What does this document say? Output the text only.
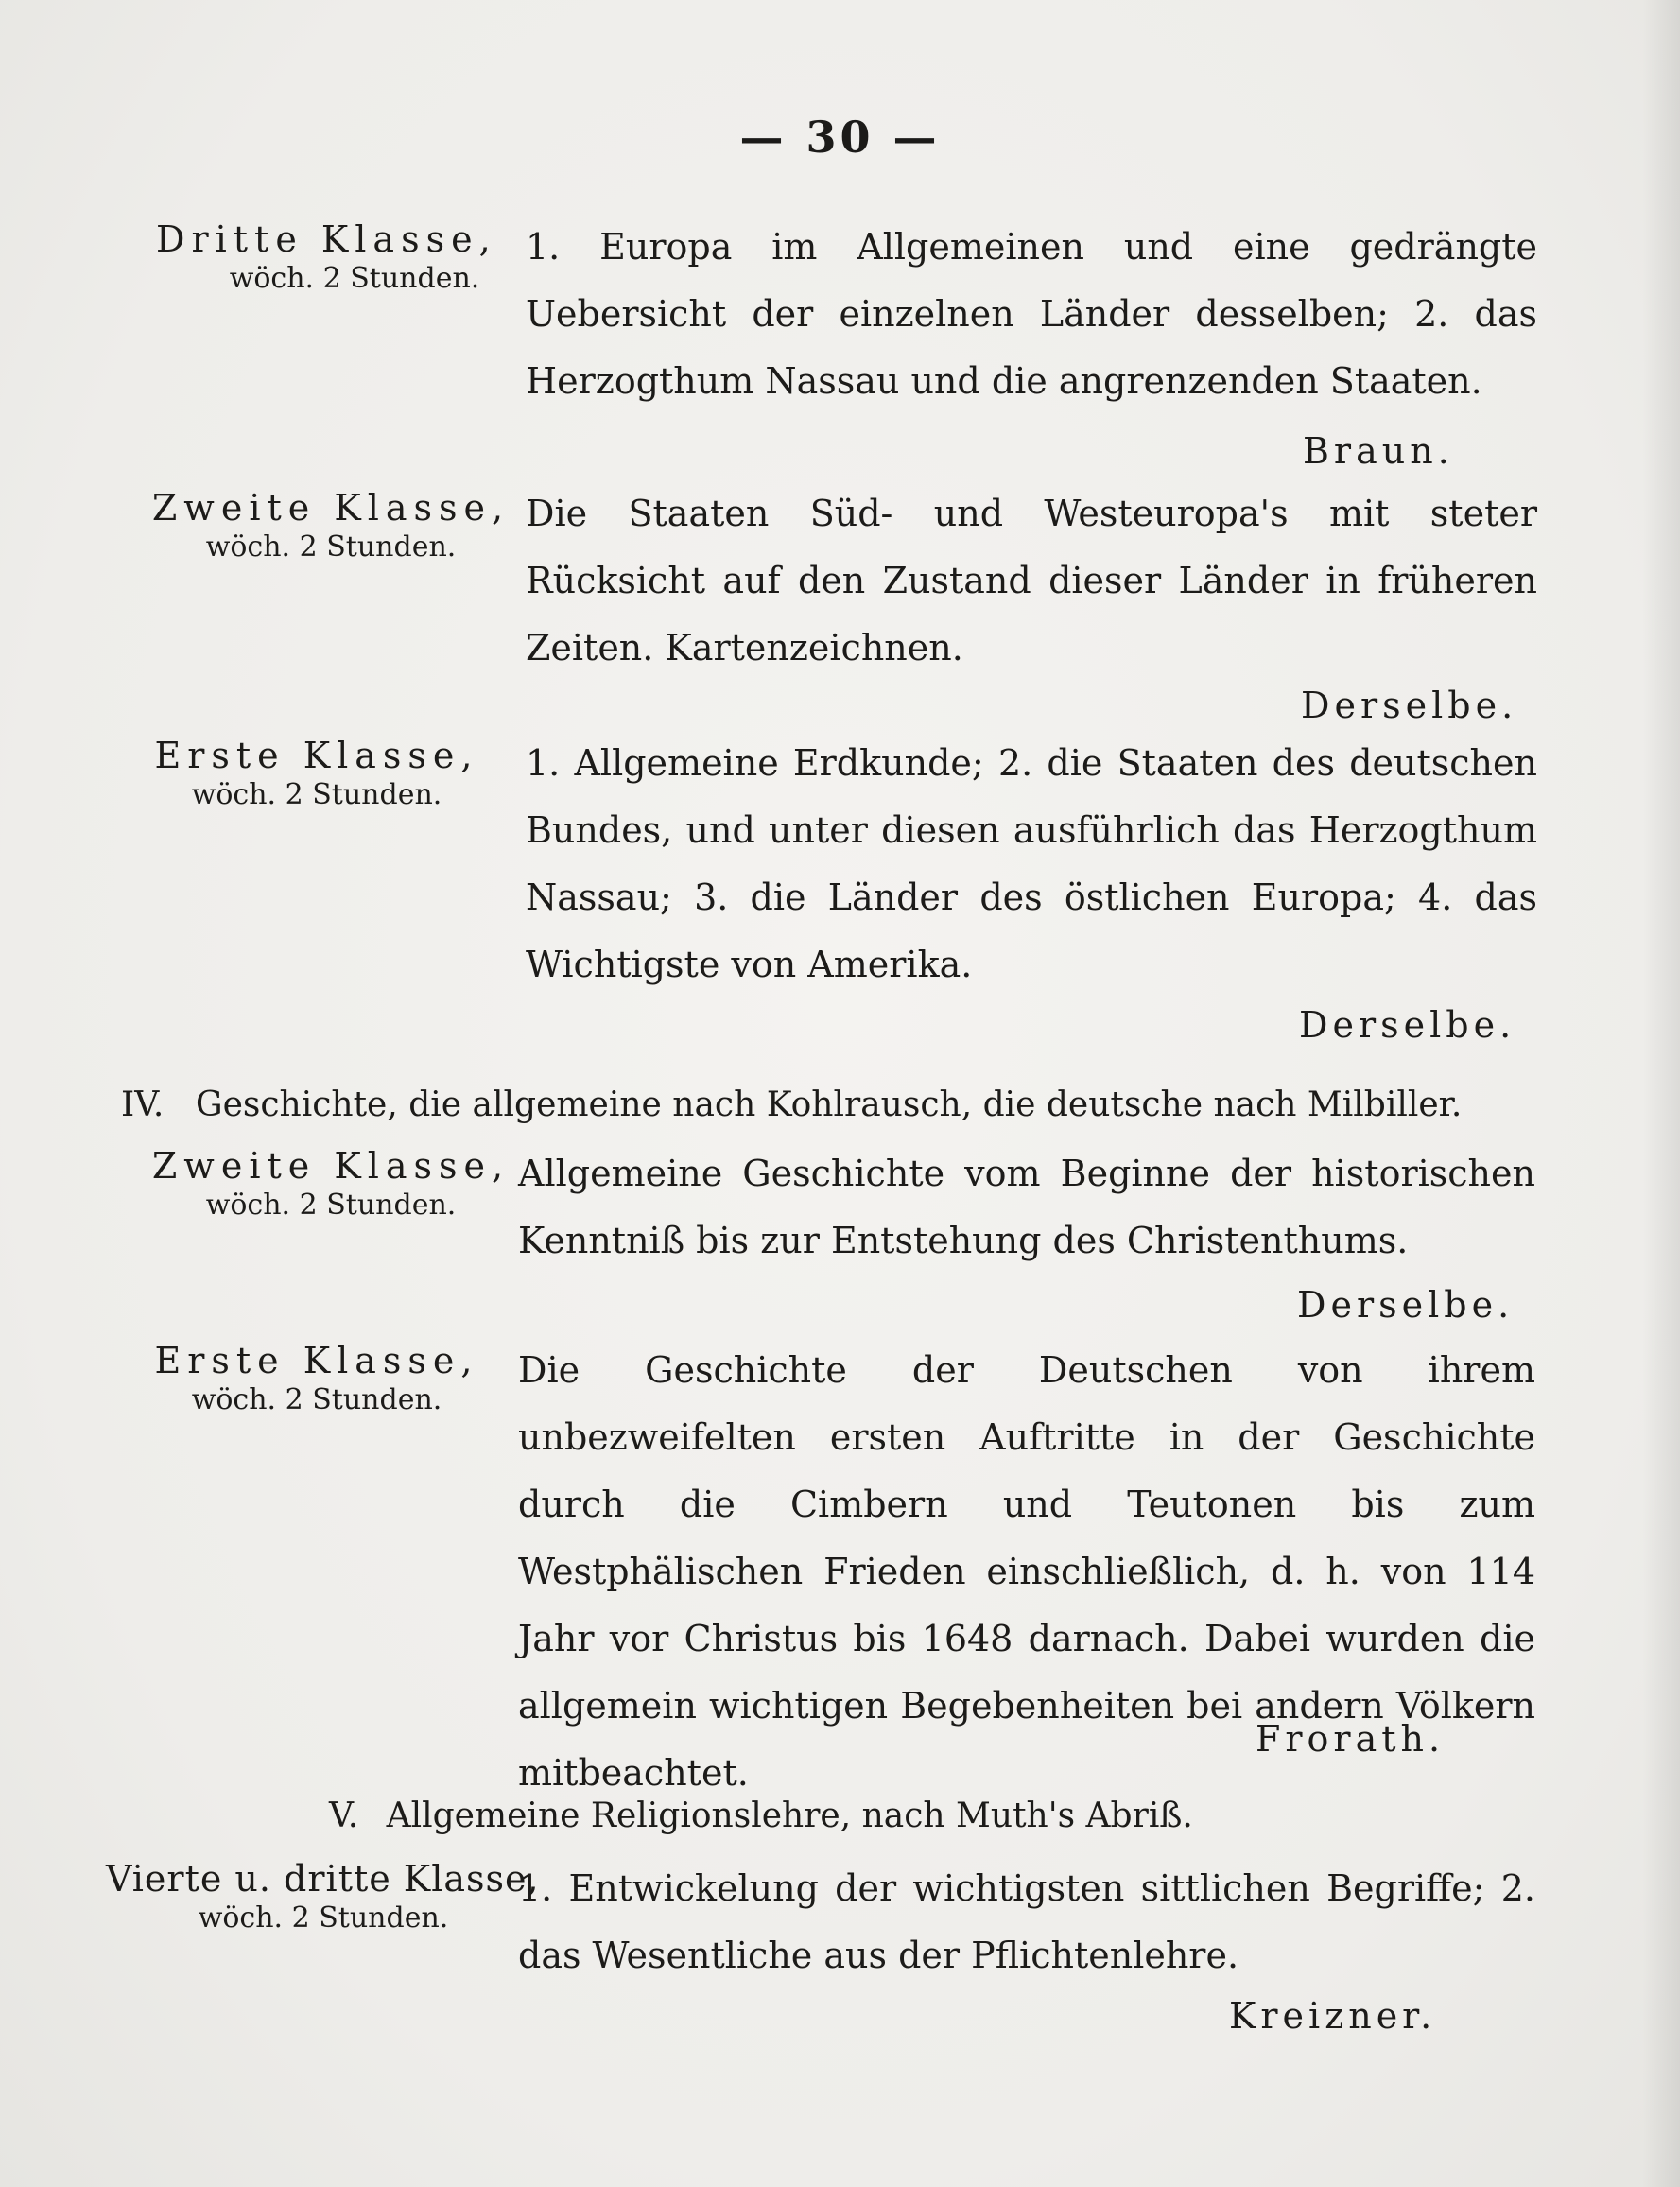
— 30 —
Dritte Klasse,
wöch. 2 Stunden.
1. Europa im Allgemeinen und eine gedrängte Uebersicht der einzelnen Länder desselben; 2. das Herzogthum Nassau und die angrenzenden Staaten.
Braun.
Zweite Klasse,
wöch. 2 Stunden.
Die Staaten Süd- und Westeuropa's mit steter Rücksicht auf den Zustand dieser Länder in früheren Zeiten. Kartenzeichnen.
Derselbe.
Erste Klasse,
wöch. 2 Stunden.
1. Allgemeine Erdkunde; 2. die Staaten des deutschen Bundes, und unter diesen ausführlich das Herzogthum Nassau; 3. die Länder des östlichen Europa; 4. das Wichtigste von Amerika.
Derselbe.
IV. Geschichte, die allgemeine nach Kohlrausch, die deutsche nach Milbiller.
Zweite Klasse,
wöch. 2 Stunden.
Allgemeine Geschichte vom Beginne der historischen Kenntniß bis zur Entstehung des Christenthums.
Derselbe.
Erste Klasse,
wöch. 2 Stunden.
Die Geschichte der Deutschen von ihrem unbezweifelten ersten Auftritte in der Geschichte durch die Cimbern und Teutonen bis zum Westphälischen Frieden einschließlich, d. h. von 114 Jahr vor Christus bis 1648 darnach. Dabei wurden die allgemein wichtigen Begebenheiten bei andern Völkern mitbeachtet.
Frorath.
V. Allgemeine Religionslehre, nach Muth's Abriß.
Vierte u. dritte Klasse,
wöch. 2 Stunden.
1. Entwickelung der wichtigsten sittlichen Begriffe; 2. das Wesentliche aus der Pflichtenlehre.
Kreizner.
